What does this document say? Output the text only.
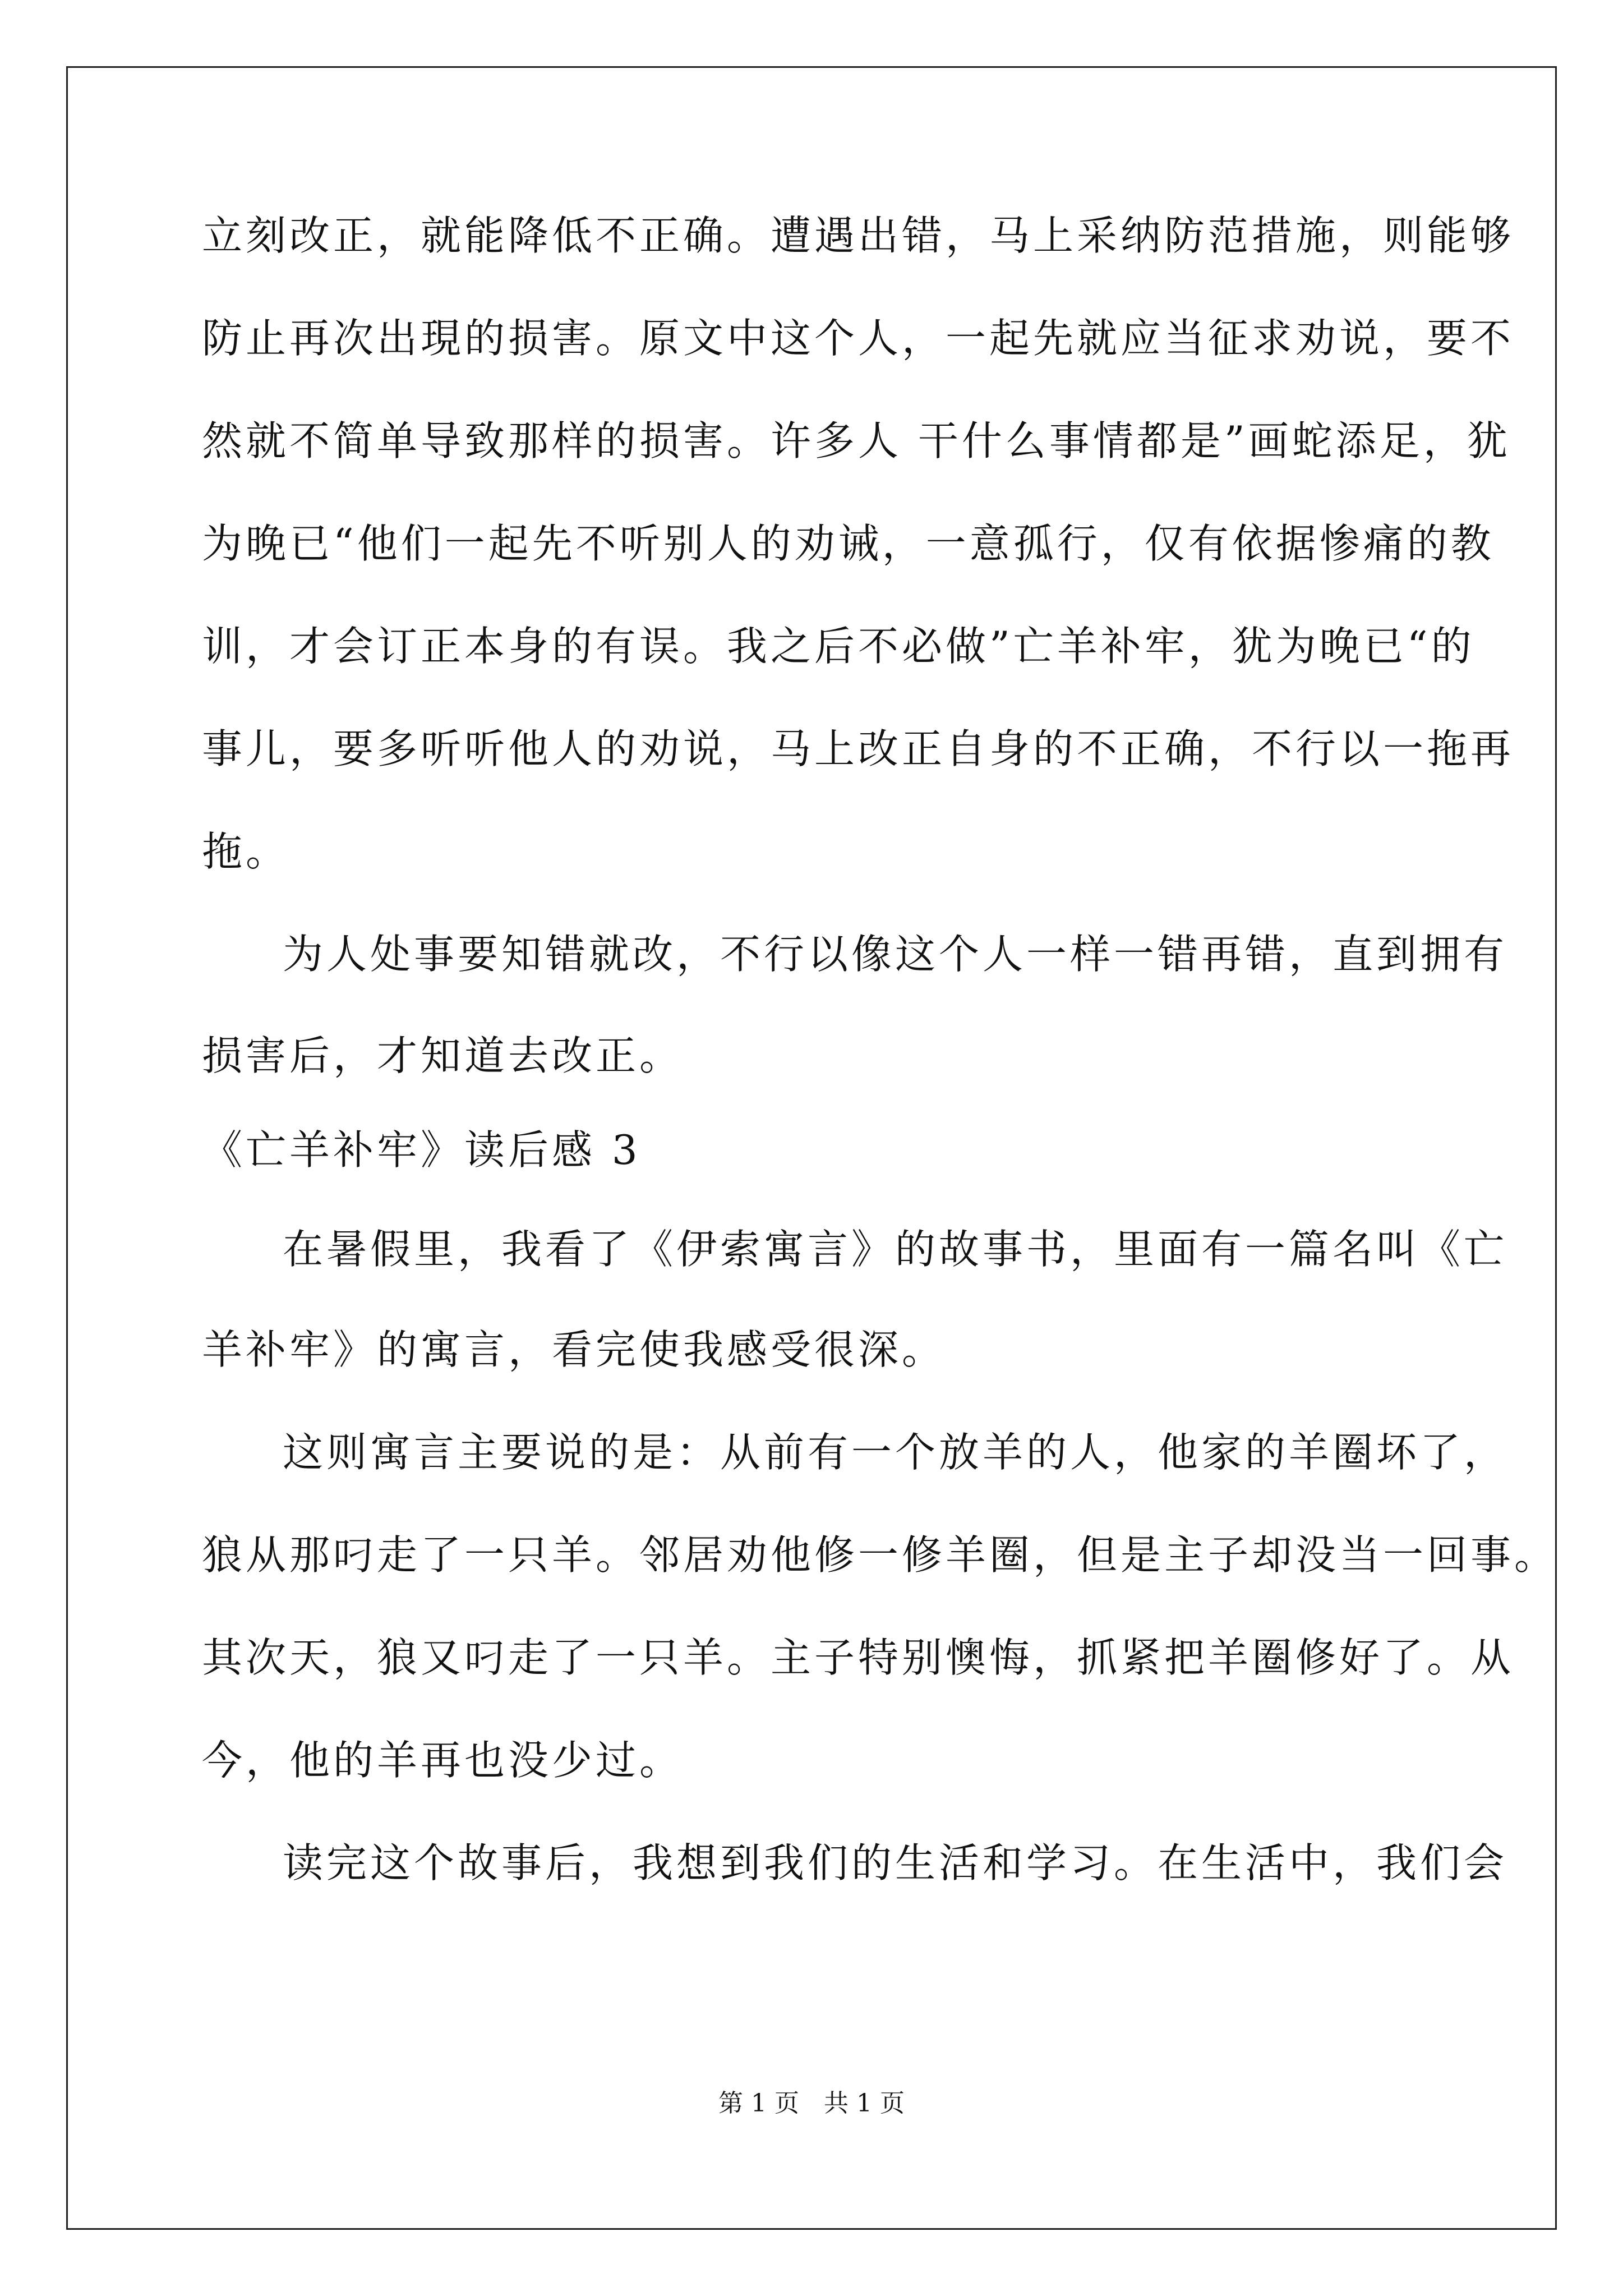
立刻改正，就能降低不正确。遭遇出错，马上采纳防范措施，则能够
防止再次出現的损害。原文中这个人，一起先就应当征求劝说，要不
然就不简单导致那样的损害。许多人 干什么事情都是”画蛇添足，犹
为晚已“他们一起先不听别人的劝诫，一意孤行，仅有依据惨痛的教
训，才会订正本身的有误。我之后不必做”亡羊补牢，犹为晚已“的
事儿，要多听听他人的劝说，马上改正自身的不正确，不行以一拖再
拖。
为人处事要知错就改，不行以像这个人一样一错再错，直到拥有
损害后，才知道去改正。
《亡羊补牢》读后感 3
在暑假里，我看了《伊索寓言》的故事书，里面有一篇名叫《亡
羊补牢》的寓言，看完使我感受很深。
这则寓言主要说的是：从前有一个放羊的人，他家的羊圈坏了，
狼从那叼走了一只羊。邻居劝他修一修羊圈，但是主子却没当一回事。
其次天，狼又叼走了一只羊。主子特别懊悔，抓紧把羊圈修好了。从
今，他的羊再也没少过。
读完这个故事后，我想到我们的生活和学习。在生活中，我们会
第 1 页　共 1 页
